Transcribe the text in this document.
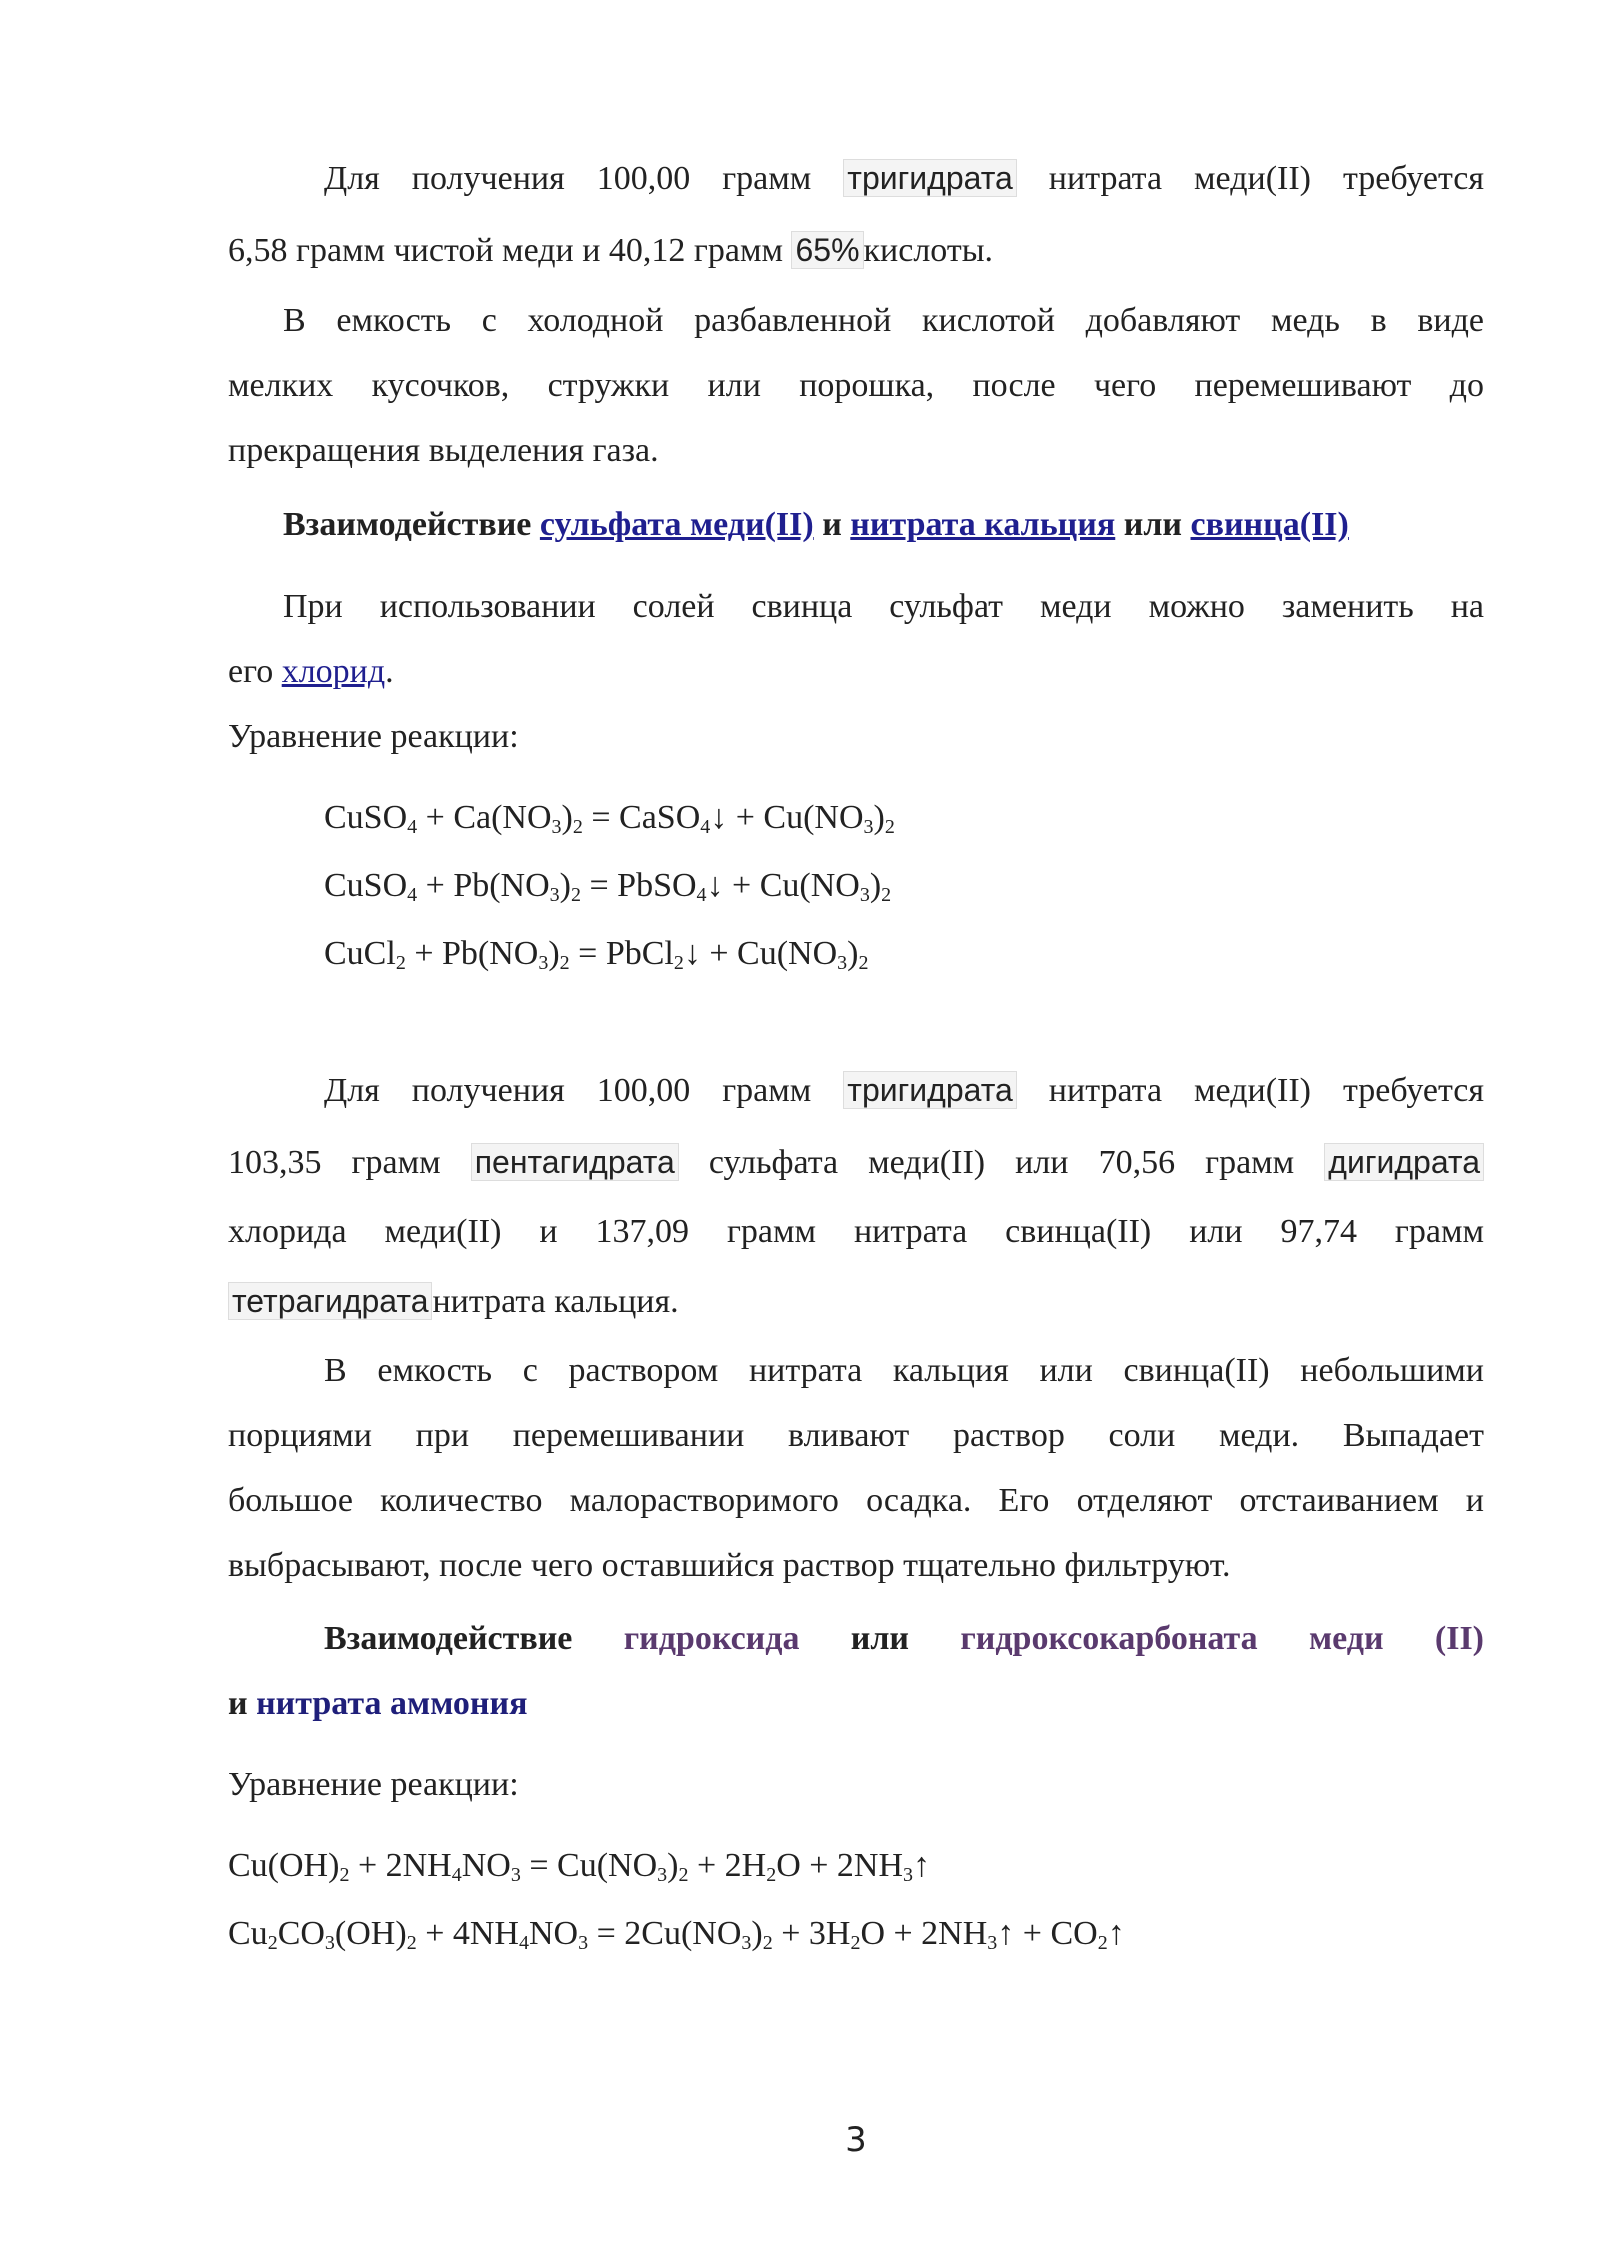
Для получения 100,00 грамм тригидрата нитрата меди(II) требуется
6,58 грамм чистой меди и 40,12 грамм 65% кислоты.
В емкость с холодной разбавленной кислотой добавляют медь в виде
мелких кусочков, стружки или порошка, после чего перемешивают до
прекращения выделения газа.
Взаимодействие сульфата меди(II) и нитрата кальция или свинца(II)
При использовании солей свинца сульфат меди можно заменить на
его хлорид.
Уравнение реакции:
CuSO$_4$ + $Ca(NO_3)_2$ = CaSO$_4$↓ + $Cu(NO_3)_2$
CuSO$_4$ + $Pb(NO_3)_2$ = PbSO$_4$↓ + $Cu(NO_3)_2$
CuCl$_2$ + $Pb(NO_3)_2$ = PbCl$_2$↓ + $Cu(NO_3)_2$
Для получения 100,00 грамм тригидрата нитрата меди(II) требуется
103,35 грамм пентагидрата сульфата меди(II) или 70,56 грамм дигидрата
хлорида меди(II) и 137,09 грамм нитрата свинца(II) или 97,74 грамм
тетрагидрата нитрата кальция.
В емкость с раствором нитрата кальция или свинца(II) небольшими
порциями при перемешивании вливают раствор соли меди. Выпадает
большое количество малорастворимого осадка. Его отделяют отстаиванием и
выбрасывают, после чего оставшийся раствор тщательно фильтруют.
Взаимодействие гидроксида или гидроксокарбоната меди (II)
и нитрата аммония
Уравнение реакции:
$Cu(OH)_2 + 2NH_4NO_3 = Cu(NO_3)_2 + 2H_2O$ + $2NH_3↑$
$Cu_2CO_3(OH)_2 + 4NH_4NO_3 = 2Cu(NO_3)_2 + 3H_2O$ + $2NH_3↑$ + $CO_2↑$
3
